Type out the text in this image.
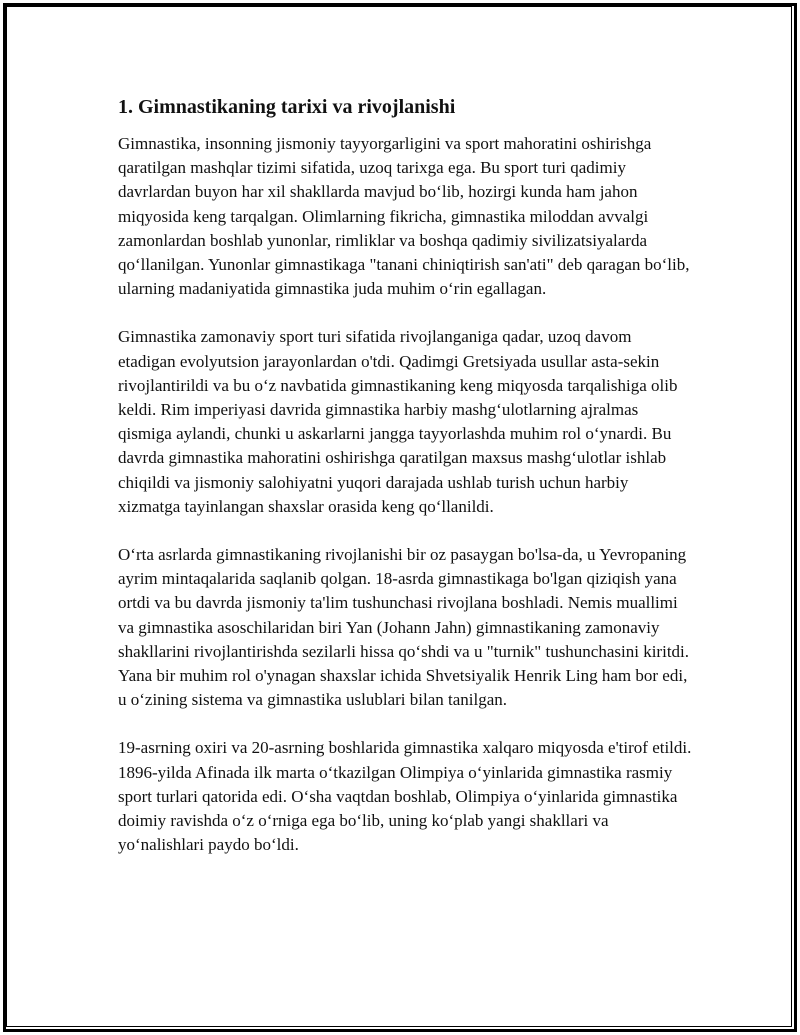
1. Gimnastikaning tarixi va rivojlanishi

Gimnastika, insonning jismoniy tayyorgarligini va sport mahoratini oshirishga qaratilgan mashqlar tizimi sifatida, uzoq tarixga ega. Bu sport turi qadimiy davrlardan buyon har xil shakllarda mavjud bo‘lib, hozirgi kunda ham jahon miqyosida keng tarqalgan. Olimlarning fikricha, gimnastika miloddan avvalgi zamonlardan boshlab yunonlar, rimliklar va boshqa qadimiy sivilizatsiyalarda qo‘llanilgan. Yunonlar gimnastikaga "tanani chiniqtirish san'ati" deb qaragan bo‘lib, ularning madaniyatida gimnastika juda muhim o‘rin egallagan.

Gimnastika zamonaviy sport turi sifatida rivojlanganiga qadar, uzoq davom etadigan evolyutsion jarayonlardan o'tdi. Qadimgi Gretsiyada usullar asta-sekin rivojlantirildi va bu o‘z navbatida gimnastikaning keng miqyosda tarqalishiga olib keldi. Rim imperiyasi davrida gimnastika harbiy mashg‘ulotlarning ajralmas qismiga aylandi, chunki u askarlarni jangga tayyorlashda muhim rol o‘ynardi. Bu davrda gimnastika mahoratini oshirishga qaratilgan maxsus mashg‘ulotlar ishlab chiqildi va jismoniy salohiyatni yuqori darajada ushlab turish uchun harbiy xizmatga tayinlangan shaxslar orasida keng qo‘llanildi.

O‘rta asrlarda gimnastikaning rivojlanishi bir oz pasaygan bo'lsa-da, u Yevropaning ayrim mintaqalarida saqlanib qolgan. 18-asrda gimnastikaga bo'lgan qiziqish yana ortdi va bu davrda jismoniy ta'lim tushunchasi rivojlana boshladi. Nemis muallimi va gimnastika asoschilaridan biri Yan (Johann Jahn) gimnastikaning zamonaviy shakllarini rivojlantirishda sezilarli hissa qo‘shdi va u "turnik" tushunchasini kiritdi. Yana bir muhim rol o'ynagan shaxslar ichida Shvetsiyalik Henrik Ling ham bor edi, u o‘zining sistema va gimnastika uslublari bilan tanilgan.

19-asrning oxiri va 20-asrning boshlarida gimnastika xalqaro miqyosda e'tirof etildi. 1896-yilda Afinada ilk marta o‘tkazilgan Olimpiya o‘yinlarida gimnastika rasmiy sport turlari qatorida edi. O‘sha vaqtdan boshlab, Olimpiya o‘yinlarida gimnastika doimiy ravishda o‘z o‘rniga ega bo‘lib, uning ko‘plab yangi shakllari va yo‘nalishlari paydo bo‘ldi.
